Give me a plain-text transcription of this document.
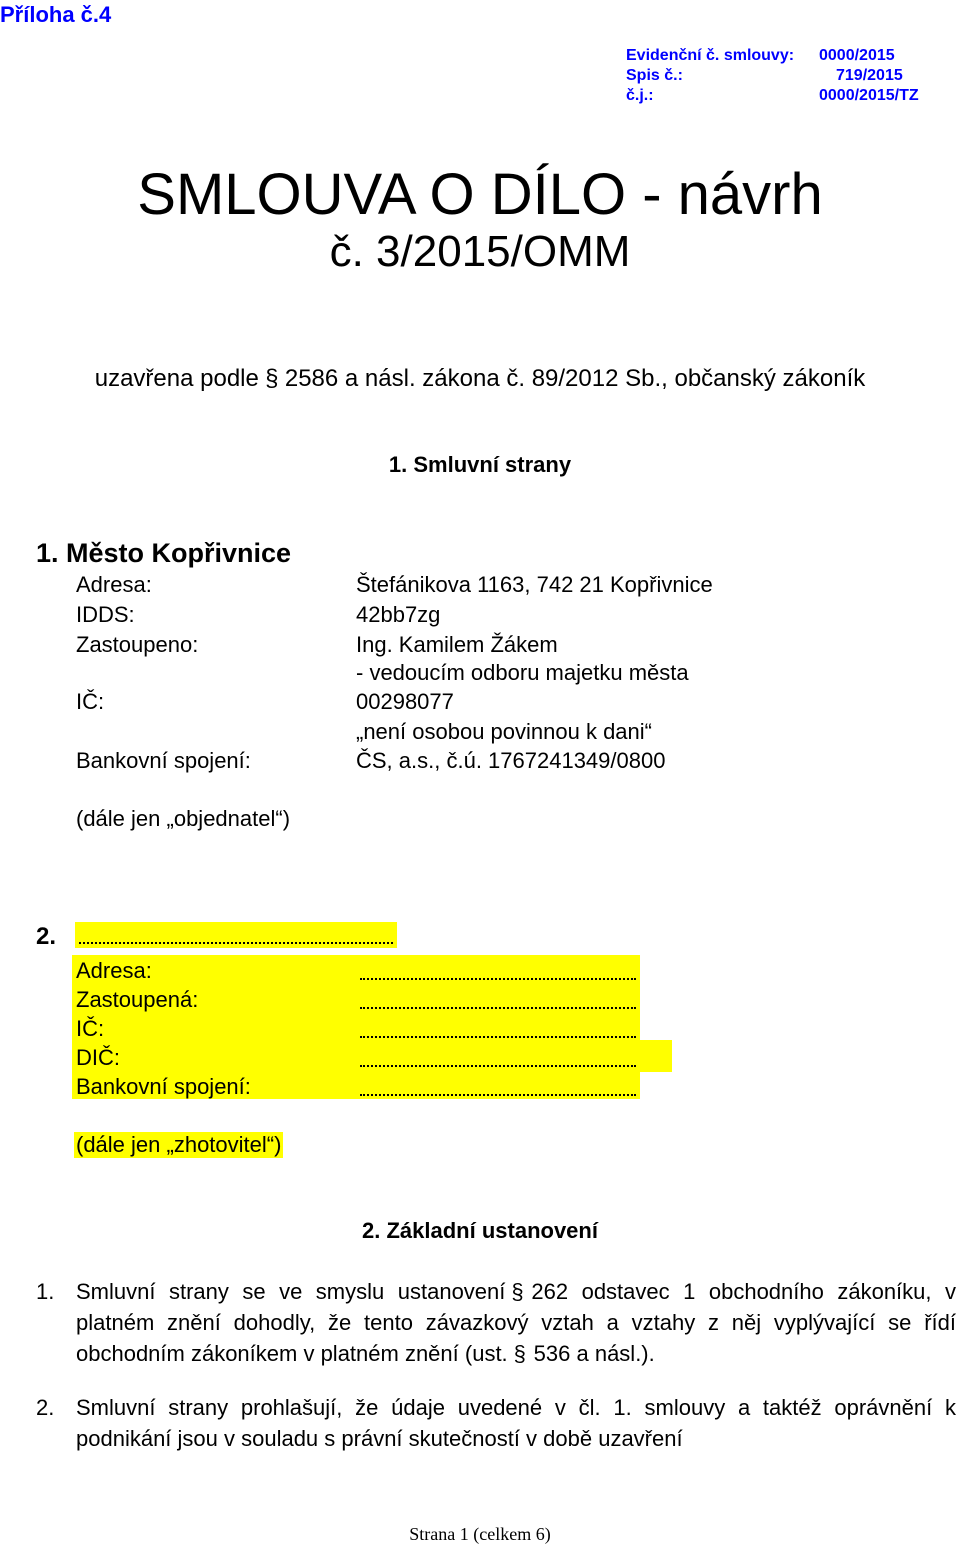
Příloha č.4
Evidenční č. smlouvy: 0000/2015
Spis č.:	719/2015
č.j.:	0000/2015/TZ
SMLOUVA O DÍLO - návrh
č. 3/2015/OMM
uzavřena podle § 2586 a násl. zákona č. 89/2012 Sb., občanský zákoník
1. Smluvní strany
1. Město Kopřivnice
Adresa:	Štefánikova 1163, 742 21 Kopřivnice
IDDS:	42bb7zg
Zastoupeno:	Ing. Kamilem Žákem
- vedoucím odboru majetku města
IČ:	00298077
„není osobou povinnou k dani“
Bankovní spojení:	ČS, a.s., č.ú. 1767241349/0800
(dále jen „objednatel“)
2.
Adresa:
Zastoupená:
IČ:
DIČ:
Bankovní spojení:
(dále jen „zhotovitel“)
2. Základní ustanovení
1. Smluvní strany se ve smyslu ustanovení § 262 odstavec 1 obchodního zákoníku, v platném znění dohodly, že tento závazkový vztah a vztahy z něj vyplývající se řídí obchodním zákoníkem v platném znění (ust. § 536 a násl.).
2. Smluvní strany prohlašují, že údaje uvedené v čl. 1. smlouvy a taktéž oprávnění k podnikání jsou v souladu s právní skutečností v době uzavření
Strana 1 (celkem 6)
